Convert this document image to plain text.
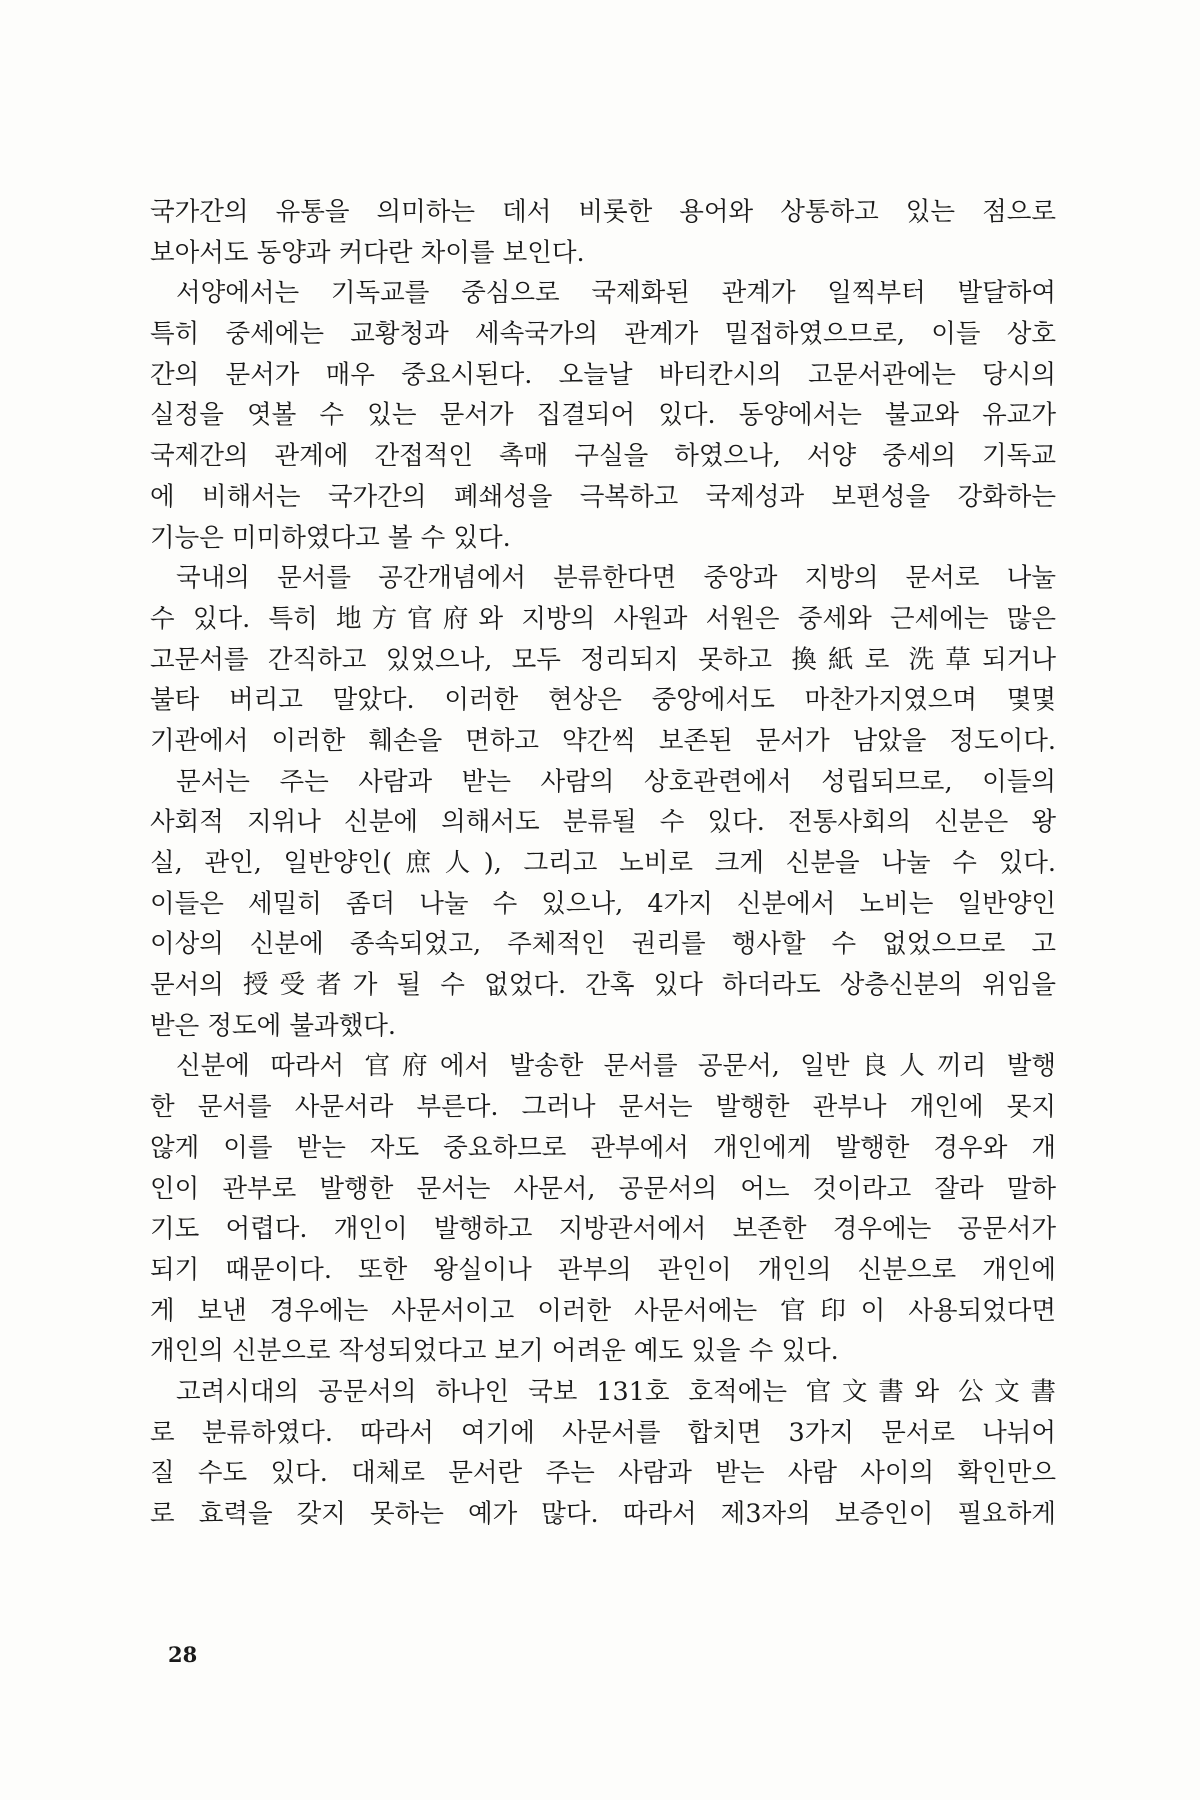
국가간의 유통을 의미하는 데서 비롯한 용어와 상통하고 있는 점으로
보아서도 동양과 커다란 차이를 보인다.
서양에서는 기독교를 중심으로 국제화된 관계가 일찍부터 발달하여
특히 중세에는 교황청과 세속국가의 관계가 밀접하였으므로, 이들 상호
간의 문서가 매우 중요시된다. 오늘날 바티칸시의 고문서관에는 당시의
실정을 엿볼 수 있는 문서가 집결되어 있다. 동양에서는 불교와 유교가
국제간의 관계에 간접적인 촉매 구실을 하였으나, 서양 중세의 기독교
에 비해서는 국가간의 폐쇄성을 극복하고 국제성과 보편성을 강화하는
기능은 미미하였다고 볼 수 있다.
국내의 문서를 공간개념에서 분류한다면 중앙과 지방의 문서로 나눌
수 있다. 특히 地方官府와 지방의 사원과 서원은 중세와 근세에는 많은
고문서를 간직하고 있었으나, 모두 정리되지 못하고 換紙로 洗草되거나
불타 버리고 말았다. 이러한 현상은 중앙에서도 마찬가지였으며 몇몇
기관에서 이러한 훼손을 면하고 약간씩 보존된 문서가 남았을 정도이다.
문서는 주는 사람과 받는 사람의 상호관련에서 성립되므로, 이들의
사회적 지위나 신분에 의해서도 분류될 수 있다. 전통사회의 신분은 왕
실, 관인, 일반양인(庶人), 그리고 노비로 크게 신분을 나눌 수 있다.
이들은 세밀히 좀더 나눌 수 있으나, 4가지 신분에서 노비는 일반양인
이상의 신분에 종속되었고, 주체적인 권리를 행사할 수 없었으므로 고
문서의 授受者가 될 수 없었다. 간혹 있다 하더라도 상층신분의 위임을
받은 정도에 불과했다.
신분에 따라서 官府에서 발송한 문서를 공문서, 일반良人끼리 발행
한 문서를 사문서라 부른다. 그러나 문서는 발행한 관부나 개인에 못지
않게 이를 받는 자도 중요하므로 관부에서 개인에게 발행한 경우와 개
인이 관부로 발행한 문서는 사문서, 공문서의 어느 것이라고 잘라 말하
기도 어렵다. 개인이 발행하고 지방관서에서 보존한 경우에는 공문서가
되기 때문이다. 또한 왕실이나 관부의 관인이 개인의 신분으로 개인에
게 보낸 경우에는 사문서이고 이러한 사문서에는 官印이 사용되었다면
개인의 신분으로 작성되었다고 보기 어려운 예도 있을 수 있다.
고려시대의 공문서의 하나인 국보 131호 호적에는 官文書와 公文書
로 분류하였다. 따라서 여기에 사문서를 합치면 3가지 문서로 나뉘어
질 수도 있다. 대체로 문서란 주는 사람과 받는 사람 사이의 확인만으
로 효력을 갖지 못하는 예가 많다. 따라서 제3자의 보증인이 필요하게
28
